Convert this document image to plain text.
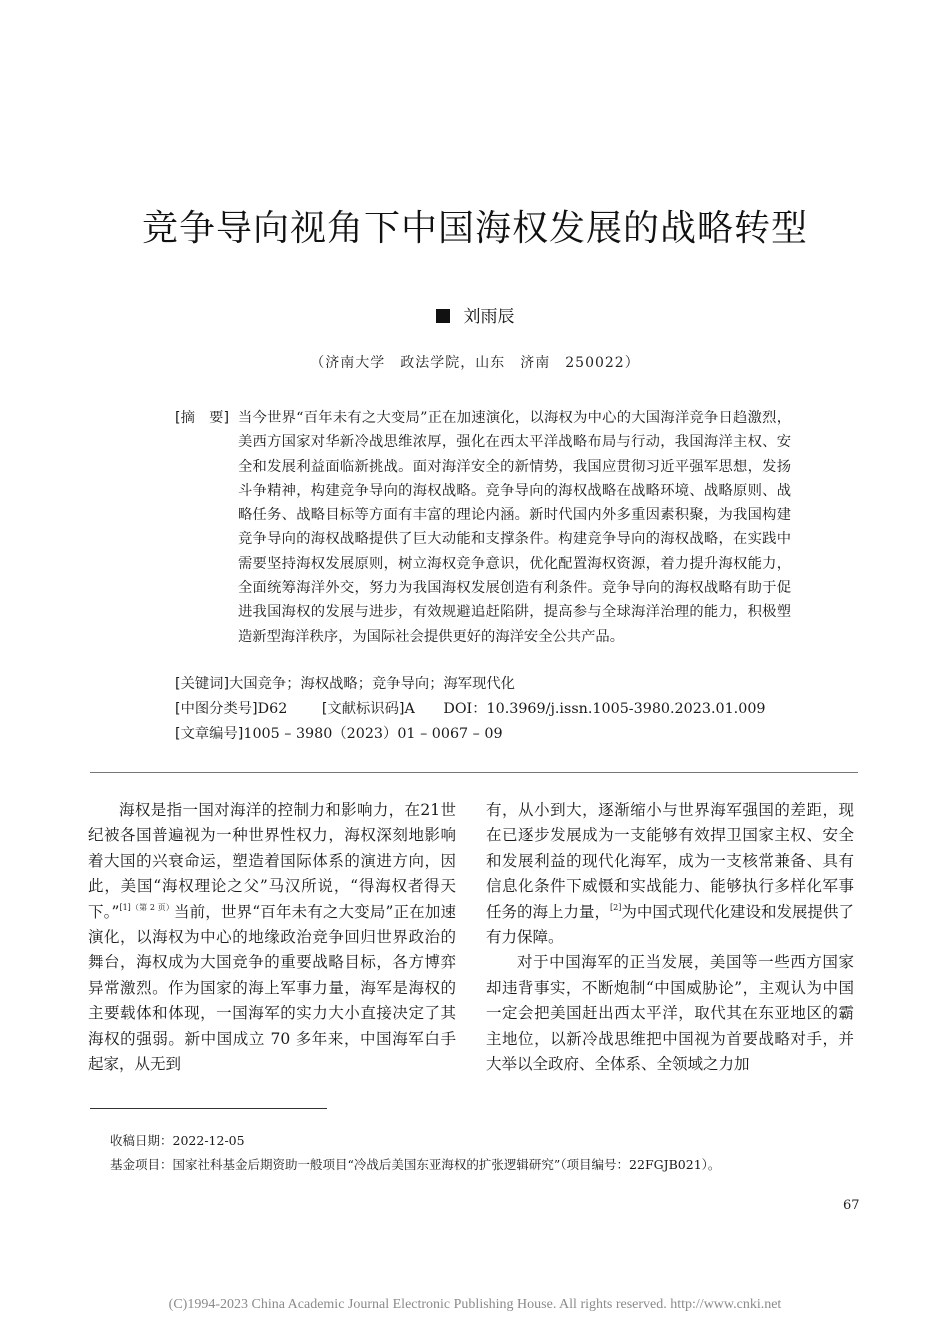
竞争导向视角下中国海权发展的战略转型
刘雨辰
（济南大学　政法学院，山东　济南　250022）
[摘　要] 当今世界“百年未有之大变局”正在加速演化，以海权为中心的大国海洋竞争日趋激烈，美西方国家对华新冷战思维浓厚，强化在西太平洋战略布局与行动，我国海洋主权、安全和发展利益面临新挑战。面对海洋安全的新情势，我国应贯彻习近平强军思想，发扬斗争精神，构建竞争导向的海权战略。竞争导向的海权战略在战略环境、战略原则、战略任务、战略目标等方面有丰富的理论内涵。新时代国内外多重因素积聚，为我国构建竞争导向的海权战略提供了巨大动能和支撑条件。构建竞争导向的海权战略，在实践中需要坚持海权发展原则，树立海权竞争意识，优化配置海权资源，着力提升海权能力，全面统筹海洋外交，努力为我国海权发展创造有利条件。竞争导向的海权战略有助于促进我国海权的发展与进步，有效规避追赶陷阱，提高参与全球海洋治理的能力，积极塑造新型海洋秩序，为国际社会提供更好的海洋安全公共产品。
[关键词]大国竞争；海权战略；竞争导向；海军现代化
[中图分类号]D62 [文献标识码]A DOI：10.3969/j.issn.1005-3980.2023.01.009
[文章编号]1005 – 3980（2023）01 – 0067 – 09

海权是指一国对海洋的控制力和影响力，在21世纪被各国普遍视为一种世界性权力，海权深刻地影响着大国的兴衰命运，塑造着国际体系的演进方向，因此，美国“海权理论之父”马汉所说，“得海权者得天下。”$^{[1](第 2 页)}$当前，世界“百年未有之大变局”正在加速演化，以海权为中心的地缘政治竞争回归世界政治的舞台，海权成为大国竞争的重要战略目标，各方博弈异常激烈。作为国家的海上军事力量，海军是海权的主要载体和体现，一国海军的实力大小直接决定了其海权的强弱。新中国成立 70 多年来，中国海军白手起家，从无到

有，从小到大，逐渐缩小与世界海军强国的差距，现在已逐步发展成为一支能够有效捍卫国家主权、安全和发展利益的现代化海军，成为一支核常兼备、具有信息化条件下威慑和实战能力、能够执行多样化军事任务的海上力量，[2]为中国式现代化建设和发展提供了有力保障。

对于中国海军的正当发展，美国等一些西方国家却违背事实，不断炮制“中国威胁论”，主观认为中国一定会把美国赶出西太平洋，取代其在东亚地区的霸主地位，以新冷战思维把中国视为首要战略对手，并大举以全政府、全体系、全领域之力加

收稿日期：2022-12-05
基金项目：国家社科基金后期资助一般项目“冷战后美国东亚海权的扩张逻辑研究”（项目编号：22FGJB021）。
67
(C)1994-2023 China Academic Journal Electronic Publishing House. All rights reserved. http://www.cnki.net
